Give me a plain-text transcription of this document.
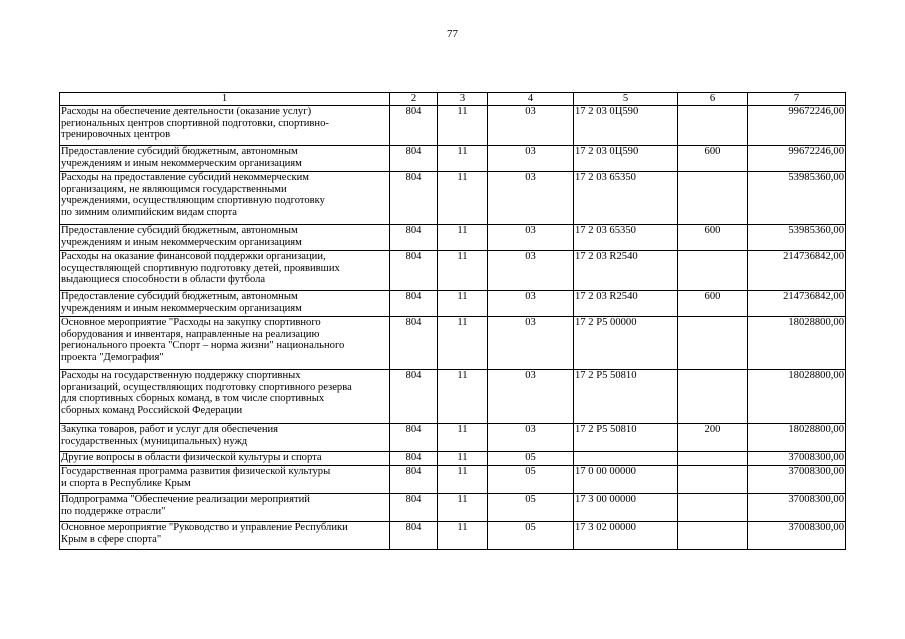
77
1	2	3	4	5	6	7
Расходы на обеспечение деятельности (оказание услуг)
региональных центров спортивной подготовки, спортивно-
тренировочных центров	804	11	03	17 2 03 0Ц590		99672246,00
Предоставление субсидий бюджетным, автономным
учреждениям и иным некоммерческим организациям	804	11	03	17 2 03 0Ц590	600	99672246,00
Расходы на предоставление субсидий некоммерческим
организациям, не являющимся государственными
учреждениями, осуществляющим спортивную подготовку
по зимним олимпийским видам спорта	804	11	03	17 2 03 65350		53985360,00
Предоставление субсидий бюджетным, автономным
учреждениям и иным некоммерческим организациям	804	11	03	17 2 03 65350	600	53985360,00
Расходы на оказание финансовой поддержки организации,
осуществляющей спортивную подготовку детей, проявивших
выдающиеся способности в области футбола	804	11	03	17 2 03 R2540		214736842,00
Предоставление субсидий бюджетным, автономным
учреждениям и иным некоммерческим организациям	804	11	03	17 2 03 R2540	600	214736842,00
Основное мероприятие "Расходы на закупку спортивного
оборудования и инвентаря, направленные на реализацию
регионального проекта "Спорт – норма жизни" национального
проекта "Демография"	804	11	03	17 2 P5 00000		18028800,00
Расходы на государственную поддержку спортивных
организаций, осуществляющих подготовку спортивного резерва
для спортивных сборных команд, в том числе спортивных
сборных команд Российской Федерации	804	11	03	17 2 P5 50810		18028800,00
Закупка товаров, работ и услуг для обеспечения
государственных (муниципальных) нужд	804	11	03	17 2 P5 50810	200	18028800,00
Другие вопросы в области физической культуры и спорта	804	11	05			37008300,00
Государственная программа развития физической культуры
и спорта в Республике Крым	804	11	05	17 0 00 00000		37008300,00
Подпрограмма "Обеспечение реализации мероприятий
по поддержке отрасли"	804	11	05	17 3 00 00000		37008300,00
Основное мероприятие "Руководство и управление Республики
Крым в сфере спорта"	804	11	05	17 3 02 00000		37008300,00
